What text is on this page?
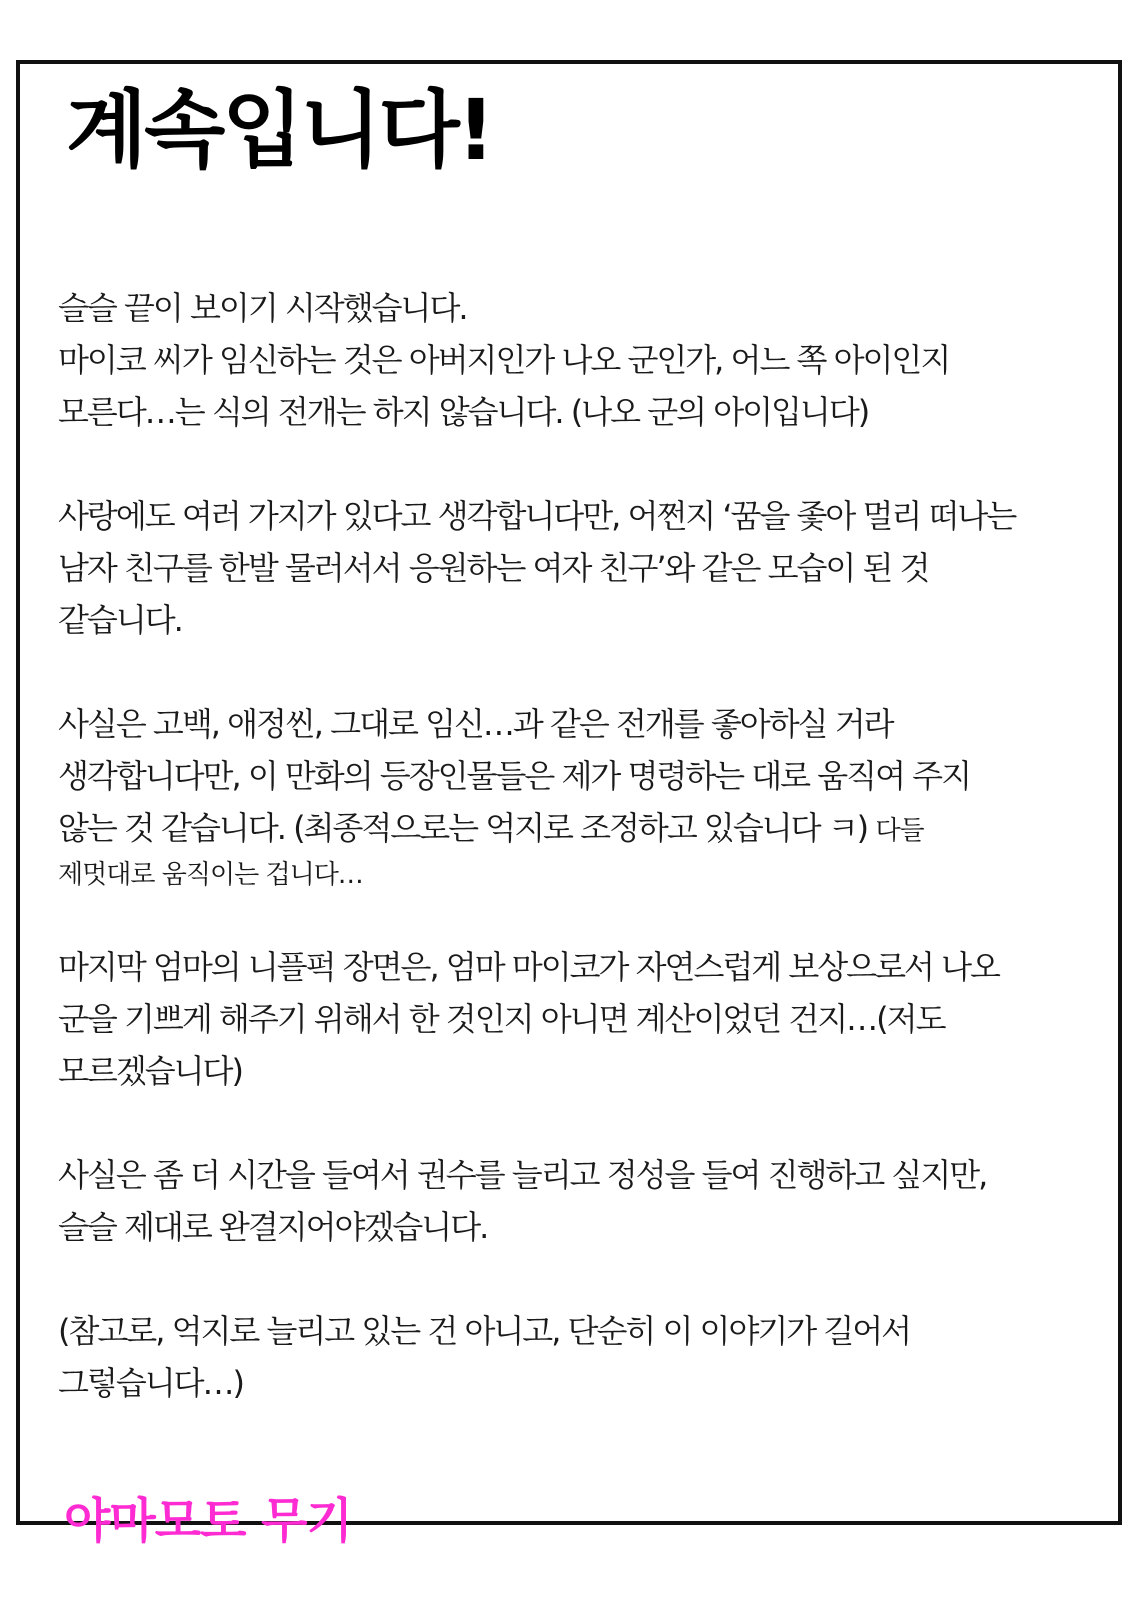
계속입니다!

슬슬 끝이 보이기 시작했습니다.
마이코 씨가 임신하는 것은 아버지인가 나오 군인가, 어느 쪽 아이인지
모른다…는 식의 전개는 하지 않습니다. (나오 군의 아이입니다)

사랑에도 여러 가지가 있다고 생각합니다만, 어쩐지 ‘꿈을 좇아 멀리 떠나는
남자 친구를 한발 물러서서 응원하는 여자 친구’와 같은 모습이 된 것
같습니다.

사실은 고백, 애정씬, 그대로 임신…과 같은 전개를 좋아하실 거라
생각합니다만, 이 만화의 등장인물들은 제가 명령하는 대로 움직여 주지
않는 것 같습니다. (최종적으로는 억지로 조정하고 있습니다 ㅋ) 다들
제멋대로 움직이는 겁니다…

마지막 엄마의 니플퍽 장면은, 엄마 마이코가 자연스럽게 보상으로서 나오
군을 기쁘게 해주기 위해서 한 것인지 아니면 계산이었던 건지…(저도
모르겠습니다)

사실은 좀 더 시간을 들여서 권수를 늘리고 정성을 들여 진행하고 싶지만,
슬슬 제대로 완결지어야겠습니다.

(참고로, 억지로 늘리고 있는 건 아니고, 단순히 이 이야기가 길어서
그렇습니다…)

야마모토 무기
